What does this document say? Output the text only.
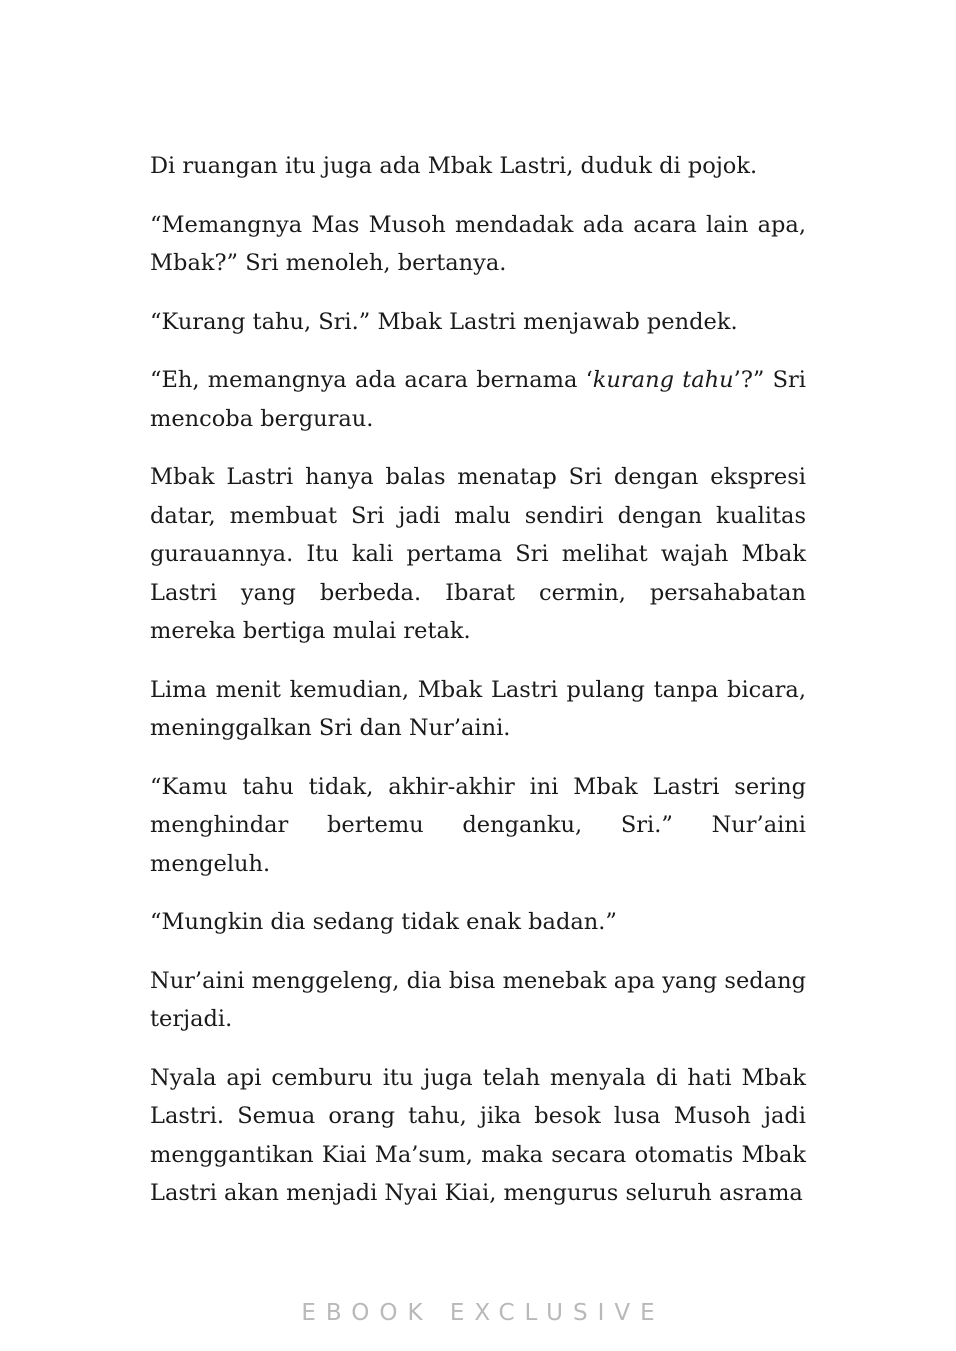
Di ruangan itu juga ada Mbak Lastri, duduk di pojok.

“Memangnya Mas Musoh mendadak ada acara lain apa, Mbak?” Sri menoleh, bertanya.

“Kurang tahu, Sri.” Mbak Lastri menjawab pendek.

“Eh, memangnya ada acara bernama ‘kurang tahu’?” Sri mencoba bergurau.

Mbak Lastri hanya balas menatap Sri dengan ekspresi datar, membuat Sri jadi malu sendiri dengan kualitas gurauannya. Itu kali pertama Sri melihat wajah Mbak Lastri yang berbeda. Ibarat cermin, persahabatan mereka bertiga mulai retak.

Lima menit kemudian, Mbak Lastri pulang tanpa bicara, meninggalkan Sri dan Nur’aini.

“Kamu tahu tidak, akhir-akhir ini Mbak Lastri sering menghindar bertemu denganku, Sri.” Nur’aini mengeluh.

“Mungkin dia sedang tidak enak badan.”

Nur’aini menggeleng, dia bisa menebak apa yang sedang terjadi.

Nyala api cemburu itu juga telah menyala di hati Mbak Lastri. Semua orang tahu, jika besok lusa Musoh jadi menggantikan Kiai Ma’sum, maka secara otomatis Mbak Lastri akan menjadi Nyai Kiai, mengurus seluruh asrama

EBOOK EXCLUSIVE
